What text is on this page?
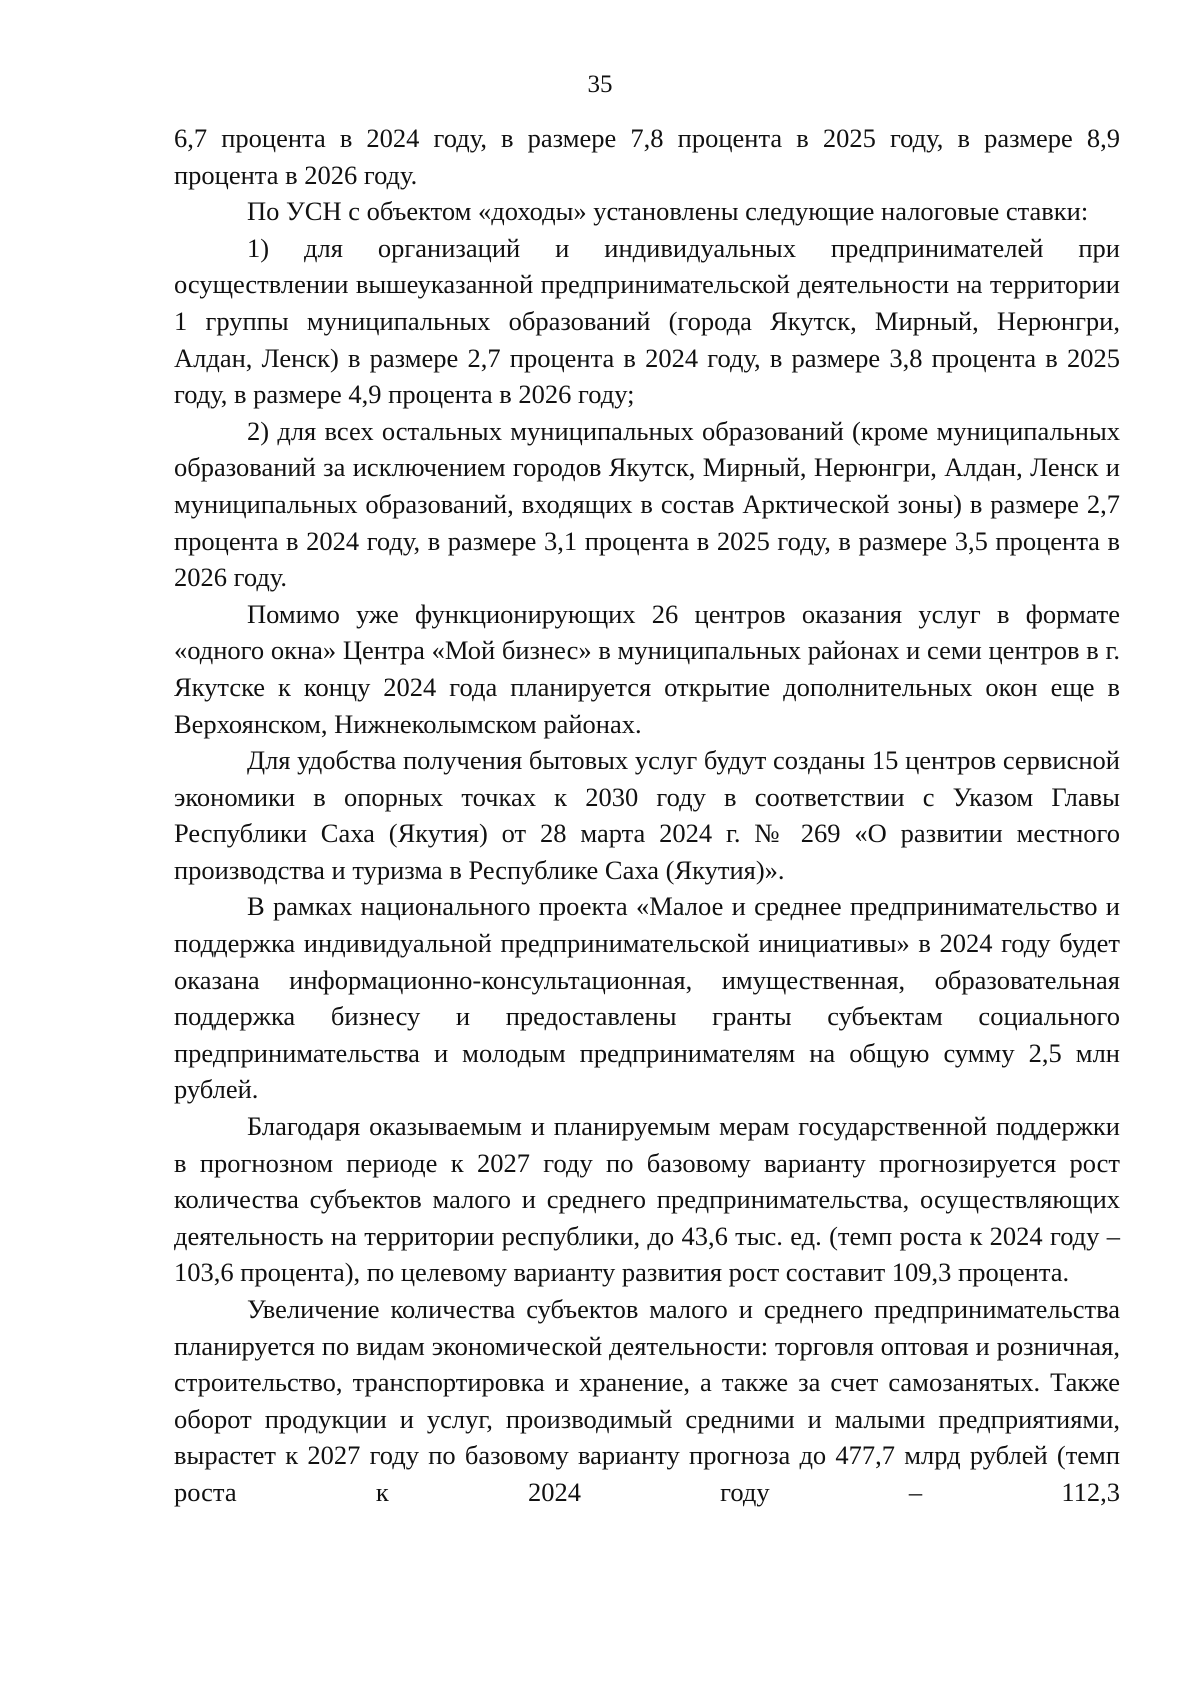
35

6,7 процента в 2024 году, в размере 7,8 процента в 2025 году, в размере 8,9 процента в 2026 году.

По УСН с объектом «доходы» установлены следующие налоговые ставки:

1) для организаций и индивидуальных предпринимателей при осуществлении вышеуказанной предпринимательской деятельности на территории 1 группы муниципальных образований (города Якутск, Мирный, Нерюнгри, Алдан, Ленск) в размере 2,7 процента в 2024 году, в размере 3,8 процента в 2025 году, в размере 4,9 процента в 2026 году;

2) для всех остальных муниципальных образований (кроме муниципальных образований за исключением городов Якутск, Мирный, Нерюнгри, Алдан, Ленск и муниципальных образований, входящих в состав Арктической зоны) в размере 2,7 процента в 2024 году, в размере 3,1 процента в 2025 году, в размере 3,5 процента в 2026 году.

Помимо уже функционирующих 26 центров оказания услуг в формате «одного окна» Центра «Мой бизнес» в муниципальных районах и семи центров в г. Якутске к концу 2024 года планируется открытие дополнительных окон еще в Верхоянском, Нижнеколымском районах.

Для удобства получения бытовых услуг будут созданы 15 центров сервисной экономики в опорных точках к 2030 году в соответствии с Указом Главы Республики Саха (Якутия) от 28 марта 2024 г. № 269 «О развитии местного производства и туризма в Республике Саха (Якутия)».

В рамках национального проекта «Малое и среднее предпринимательство и поддержка индивидуальной предпринимательской инициативы» в 2024 году будет оказана информационно-консультационная, имущественная, образовательная поддержка бизнесу и предоставлены гранты субъектам социального предпринимательства и молодым предпринимателям на общую сумму 2,5 млн рублей.

Благодаря оказываемым и планируемым мерам государственной поддержки в прогнозном периоде к 2027 году по базовому варианту прогнозируется рост количества субъектов малого и среднего предпринимательства, осуществляющих деятельность на территории республики, до 43,6 тыс. ед. (темп роста к 2024 году – 103,6 процента), по целевому варианту развития рост составит 109,3 процента.

Увеличение количества субъектов малого и среднего предпринимательства планируется по видам экономической деятельности: торговля оптовая и розничная, строительство, транспортировка и хранение, а также за счет самозанятых. Также оборот продукции и услуг, производимый средними и малыми предприятиями, вырастет к 2027 году по базовому варианту прогноза до 477,7 млрд рублей (темп роста к 2024 году – 112,3
